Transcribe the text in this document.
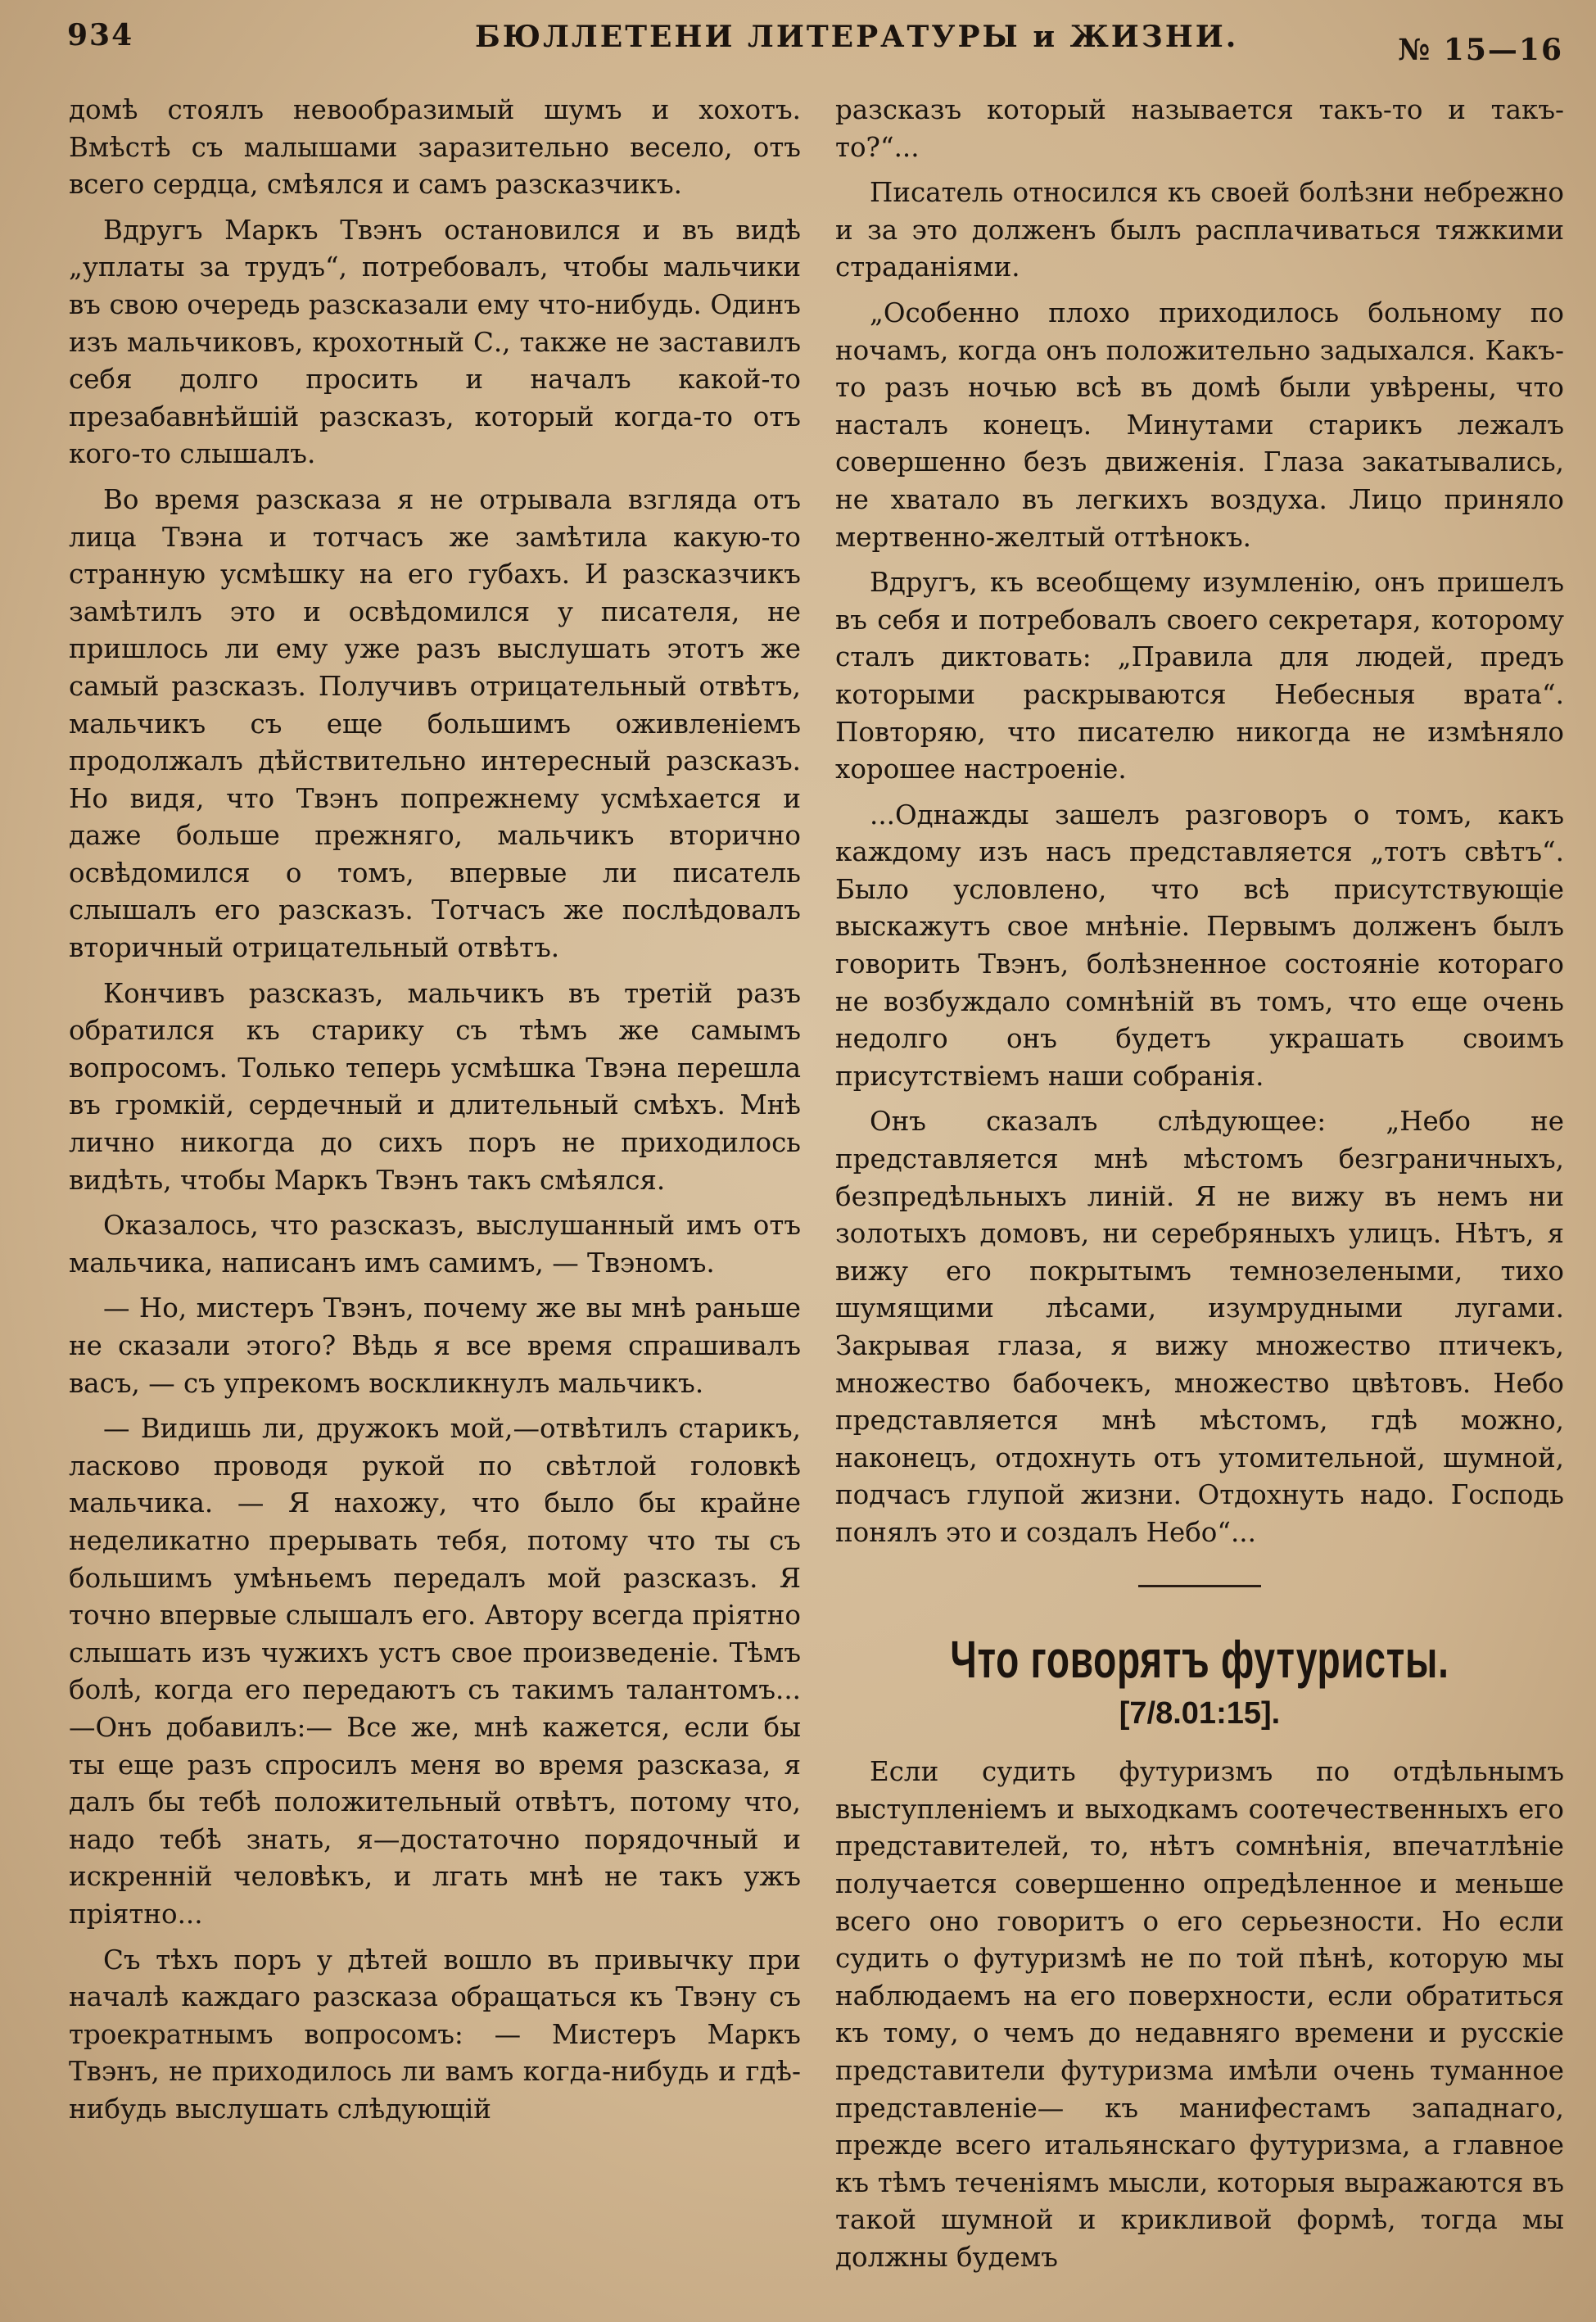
934	БЮЛЛЕТЕНИ ЛИТЕРАТУРЫ и ЖИЗНИ.	№ 15—16

домѣ стоялъ невообразимый шумъ и хохотъ. Вмѣстѣ съ малышами заразительно весело, отъ всего сердца, смѣялся и самъ разсказчикъ.

Вдругъ Маркъ Твэнъ остановился и въ видѣ „уплаты за трудъ“, потребовалъ, чтобы мальчики въ свою очередь разсказали ему что-нибудь. Одинъ изъ мальчиковъ, крохотный С., также не заставилъ себя долго просить и началъ какой-то презабавнѣйшій разсказъ, который когда-то отъ кого-то слышалъ.

Во время разсказа я не отрывала взгляда отъ лица Твэна и тотчасъ же замѣтила какую-то странную усмѣшку на его губахъ. И разсказчикъ замѣтилъ это и освѣдомился у писателя, не пришлось ли ему уже разъ выслушать этотъ же самый разсказъ. Получивъ отрицательный отвѣтъ, мальчикъ съ еще большимъ оживленіемъ продолжалъ дѣйствительно интересный разсказъ. Но видя, что Твэнъ попрежнему усмѣхается и даже больше прежняго, мальчикъ вторично освѣдомился о томъ, впервые ли писатель слышалъ его разсказъ. Тотчасъ же послѣдовалъ вторичный отрицательный отвѣтъ.

Кончивъ разсказъ, мальчикъ въ третій разъ обратился къ старику съ тѣмъ же самымъ вопросомъ. Только теперь усмѣшка Твэна перешла въ громкій, сердечный и длительный смѣхъ. Мнѣ лично никогда до сихъ поръ не приходилось видѣть, чтобы Маркъ Твэнъ такъ смѣялся.

Оказалось, что разсказъ, выслушанный имъ отъ мальчика, написанъ имъ самимъ, — Твэномъ.

— Но, мистеръ Твэнъ, почему же вы мнѣ раньше не сказали этого? Вѣдь я все время спрашивалъ васъ, — съ упрекомъ воскликнулъ мальчикъ.

— Видишь ли, дружокъ мой,—отвѣтилъ старикъ, ласково проводя рукой по свѣтлой головкѣ мальчика. — Я нахожу, что было бы крайне неделикатно прерывать тебя, потому что ты съ большимъ умѣньемъ передалъ мой разсказъ. Я точно впервые слышалъ его. Автору всегда пріятно слышать изъ чужихъ устъ свое произведеніе. Тѣмъ болѣ, когда его передаютъ съ такимъ талантомъ...—Онъ добавилъ:— Все же, мнѣ кажется, если бы ты еще разъ спросилъ меня во время разсказа, я далъ бы тебѣ положительный отвѣтъ, потому что, надо тебѣ знать, я—достаточно порядочный и искренній человѣкъ, и лгать мнѣ не такъ ужъ пріятно...

Съ тѣхъ поръ у дѣтей вошло въ привычку при началѣ каждаго разсказа обращаться къ Твэну съ троекратнымъ вопросомъ: — Мистеръ Маркъ Твэнъ, не приходилось ли вамъ когда-нибудь и гдѣ-нибудь выслушать слѣдующій

разсказъ который называется такъ-то и такъ-то?“...

Писатель относился къ своей болѣзни небрежно и за это долженъ былъ расплачиваться тяжкими страданіями.

„Особенно плохо приходилось больному по ночамъ, когда онъ положительно задыхался. Какъ-то разъ ночью всѣ въ домѣ были увѣрены, что насталъ конецъ. Минутами старикъ лежалъ совершенно безъ движенія. Глаза закатывались, не хватало въ легкихъ воздуха. Лицо приняло мертвенно-желтый оттѣнокъ.

Вдругъ, къ всеобщему изумленію, онъ пришелъ въ себя и потребовалъ своего секретаря, которому сталъ диктовать: „Правила для людей, предъ которыми раскрываются Небесныя врата“. Повторяю, что писателю никогда не измѣняло хорошее настроеніе.

...Однажды зашелъ разговоръ о томъ, какъ каждому изъ насъ представляется „тотъ свѣтъ“. Было условлено, что всѣ присутствующіе выскажутъ свое мнѣніе. Первымъ долженъ былъ говорить Твэнъ, болѣзненное состояніе котораго не возбуждало сомнѣній въ томъ, что еще очень недолго онъ будетъ украшать своимъ присутствіемъ наши собранія.

Онъ сказалъ слѣдующее: „Небо не представляется мнѣ мѣстомъ безграничныхъ, безпредѣльныхъ линій. Я не вижу въ немъ ни золотыхъ домовъ, ни серебряныхъ улицъ. Нѣтъ, я вижу его покрытымъ темнозелеными, тихо шумящими лѣсами, изумрудными лугами. Закрывая глаза, я вижу множество птичекъ, множество бабочекъ, множество цвѣтовъ. Небо представляется мнѣ мѣстомъ, гдѣ можно, наконецъ, отдохнуть отъ утомительной, шумной, подчасъ глупой жизни. Отдохнуть надо. Господь понялъ это и создалъ Небо“...

Что говорятъ футуристы.
[7/8.01:15].

Если судить футуризмъ по отдѣльнымъ выступленіемъ и выходкамъ соотечественныхъ его представителей, то, нѣтъ сомнѣнія, впечатлѣніе получается совершенно опредѣленное и меньше всего оно говоритъ о его серьезности. Но если судить о футуризмѣ не по той пѣнѣ, которую мы наблюдаемъ на его поверхности, если обратиться къ тому, о чемъ до недавняго времени и русскіе представители футуризма имѣли очень туманное представленіе— къ манифестамъ западнаго, прежде всего итальянскаго футуризма, а главное къ тѣмъ теченіямъ мысли, которыя выражаются въ такой шумной и крикливой формѣ, тогда мы должны будемъ
